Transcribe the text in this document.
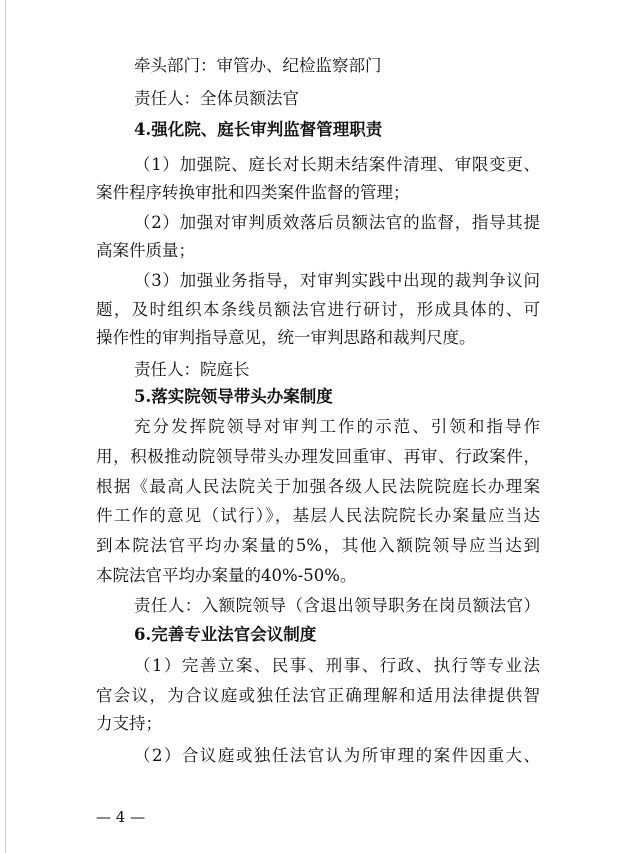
牵头部门：审管办、纪检监察部门
责任人：全体员额法官
4.强化院、庭长审判监督管理职责
（1）加强院、庭长对长期未结案件清理、审限变更、
案件程序转换审批和四类案件监督的管理；
（2）加强对审判质效落后员额法官的监督，指导其提
高案件质量；
（3）加强业务指导，对审判实践中出现的裁判争议问
题，及时组织本条线员额法官进行研讨，形成具体的、可
操作性的审判指导意见，统一审判思路和裁判尺度。
责任人：院庭长
5.落实院领导带头办案制度
充分发挥院领导对审判工作的示范、引领和指导作
用，积极推动院领导带头办理发回重审、再审、行政案件，
根据《最高人民法院关于加强各级人民法院院庭长办理案
件工作的意见（试行）》，基层人民法院院长办案量应当达
到本院法官平均办案量的5%，其他入额院领导应当达到
本院法官平均办案量的40%-50%。
责任人：入额院领导（含退出领导职务在岗员额法官）
6.完善专业法官会议制度
（1）完善立案、民事、刑事、行政、执行等专业法
官会议，为合议庭或独任法官正确理解和适用法律提供智
力支持；
（2）合议庭或独任法官认为所审理的案件因重大、
— 4 —
